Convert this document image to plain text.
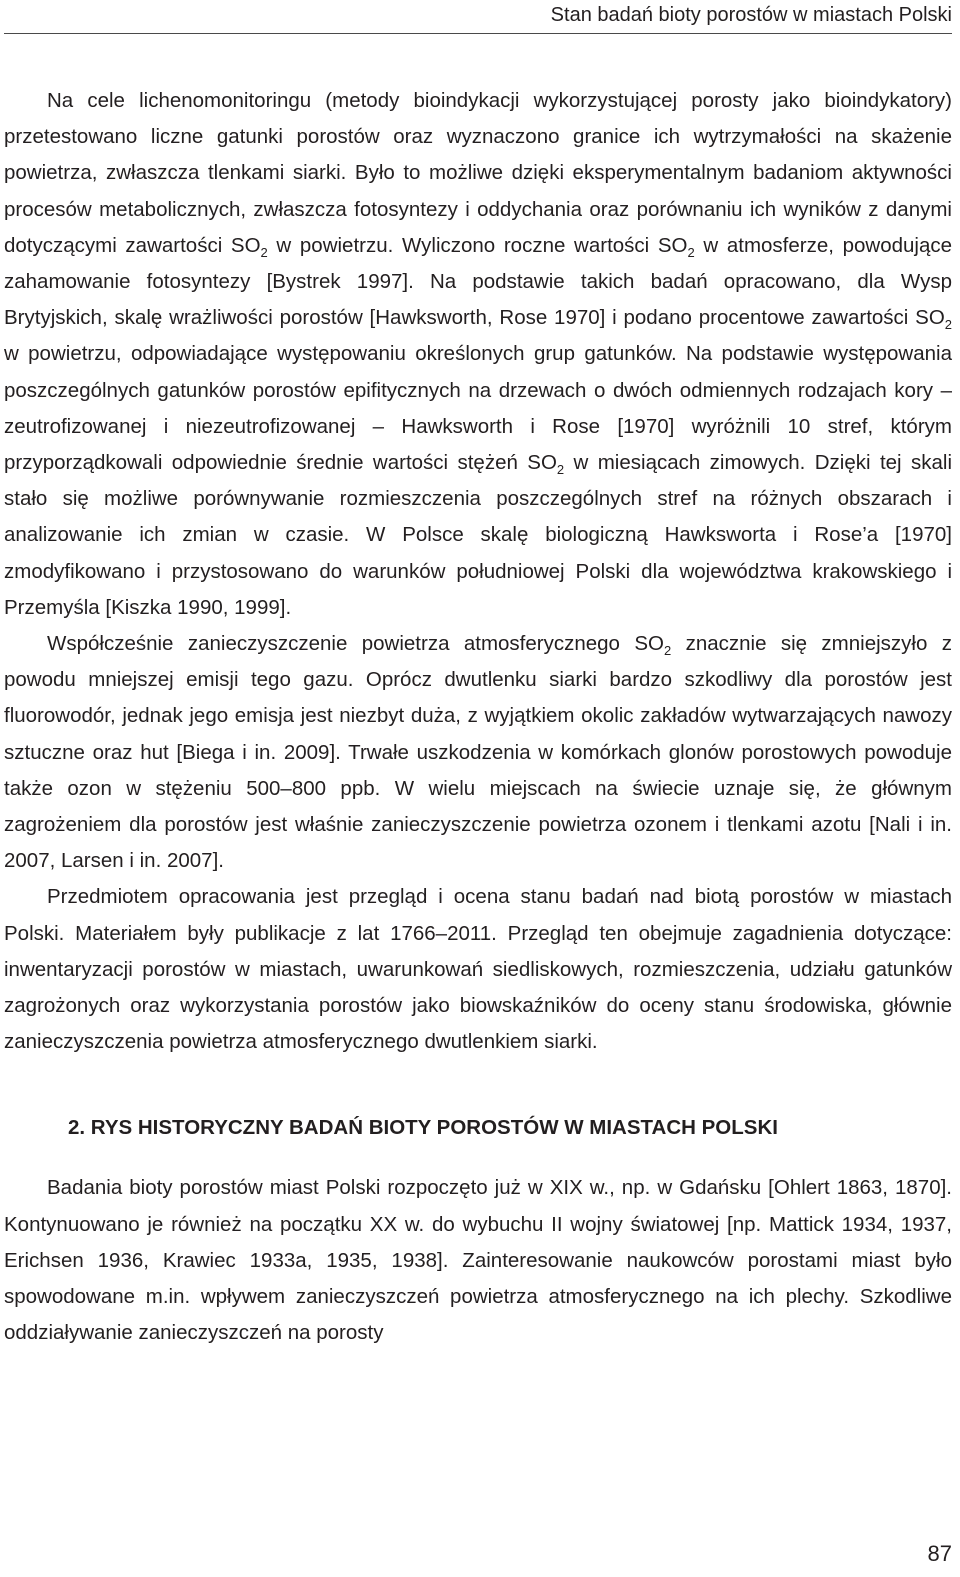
Stan badań bioty porostów w miastach Polski

Na cele lichenomonitoringu (metody bioindykacji wykorzystującej porosty jako bioindykatory) przetestowano liczne gatunki porostów oraz wyznaczono granice ich wytrzymałości na skażenie powietrza, zwłaszcza tlenkami siarki. Było to możliwe dzięki eksperymentalnym badaniom aktywności procesów metabolicznych, zwłaszcza fotosyntezy i oddychania oraz porównaniu ich wyników z danymi dotyczącymi zawartości $SO_2$ w powietrzu. Wyliczono roczne wartości $SO_2$ w atmosferze, powodujące zahamowanie fotosyntezy [Bystrek 1997]. Na podstawie takich badań opracowano, dla Wysp Brytyjskich, skalę wrażliwości porostów [Hawksworth, Rose 1970] i podano procentowe zawartości $SO_2$ w powietrzu, odpowiadające występowaniu określonych grup gatunków. Na podstawie występowania poszczególnych gatunków porostów epifitycznych na drzewach o dwóch odmiennych rodzajach kory – zeutrofizowanej i niezeutrofizowanej – Hawksworth i Rose [1970] wyróżnili 10 stref, którym przyporządkowali odpowiednie średnie wartości stężeń $SO_2$ w miesiącach zimowych. Dzięki tej skali stało się możliwe porównywanie rozmieszczenia poszczególnych stref na różnych obszarach i analizowanie ich zmian w czasie. W Polsce skalę biologiczną Hawksworta i Rose’a [1970] zmodyfikowano i przystosowano do warunków południowej Polski dla województwa krakowskiego i Przemyśla [Kiszka 1990, 1999].

Współcześnie zanieczyszczenie powietrza atmosferycznego $SO_2$ znacznie się zmniejszyło z powodu mniejszej emisji tego gazu. Oprócz dwutlenku siarki bardzo szkodliwy dla porostów jest fluorowodór, jednak jego emisja jest niezbyt duża, z wyjątkiem okolic zakładów wytwarzających nawozy sztuczne oraz hut [Biega i in. 2009]. Trwałe uszkodzenia w komórkach glonów porostowych powoduje także ozon w stężeniu 500–800 ppb. W wielu miejscach na świecie uznaje się, że głównym zagrożeniem dla porostów jest właśnie zanieczyszczenie powietrza ozonem i tlenkami azotu [Nali i in. 2007, Larsen i in. 2007].

Przedmiotem opracowania jest przegląd i ocena stanu badań nad biotą porostów w miastach Polski. Materiałem były publikacje z lat 1766–2011. Przegląd ten obejmuje zagadnienia dotyczące: inwentaryzacji porostów w miastach, uwarunkowań siedliskowych, rozmieszczenia, udziału gatunków zagrożonych oraz wykorzystania porostów jako biowskaźników do oceny stanu środowiska, głównie zanieczyszczenia powietrza atmosferycznego dwutlenkiem siarki.

2. RYS HISTORYCZNY BADAŃ BIOTY POROSTÓW W MIASTACH POLSKI

Badania bioty porostów miast Polski rozpoczęto już w XIX w., np. w Gdańsku [Ohlert 1863, 1870]. Kontynuowano je również na początku XX w. do wybuchu II wojny światowej [np. Mattick 1934, 1937, Erichsen 1936, Krawiec 1933a, 1935, 1938]. Zainteresowanie naukowców porostami miast było spowodowane m.in. wpływem zanieczyszczeń powietrza atmosferycznego na ich plechy. Szkodliwe oddziaływanie zanieczyszczeń na porosty

87
